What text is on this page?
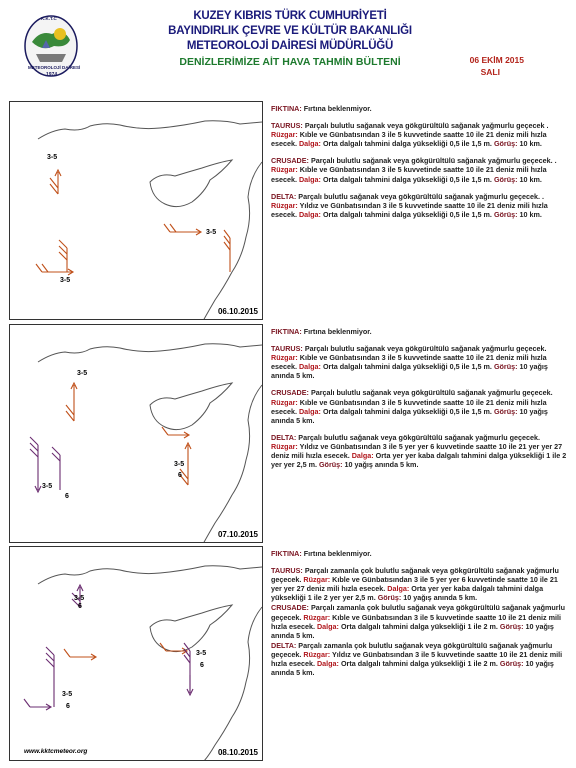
K.K.T.C
METEOROLOJİ DAİRESİ
1974
KUZEY KIBRIS TÜRK CUMHURİYETİ
BAYINDIRLIK ÇEVRE VE KÜLTÜR BAKANLIĞI
METEOROLOJİ DAİRESİ MÜDÜRLÜĞÜ
DENİZLERİMİZE AİT HAVA TAHMİN BÜLTENİ	06 EKİM 2015
SALI
3-5
3-5
3-5
06.10.2015

FIKTINA: Fırtına beklenmiyor.

TAURUS: Parçalı bulutlu sağanak veya gökgürültülü sağanak yağmurlu geçecek . Rüzgar: Kıble ve Günbatısından 3 ile 5 kuvvetinde saatte 10 ile 21 deniz mili hızla esecek. Dalga: Orta dalgalı tahmini dalga yüksekliği 0,5 ile 1,5 m. Görüş: 10 km.

CRUSADE: Parçalı bulutlu sağanak veya gökgürültülü sağanak yağmurlu geçecek. . Rüzgar: Kıble ve Günbatısından 3 ile 5 kuvvetinde saatte 10 ile 21 deniz mili hızla esecek. Dalga: Orta dalgalı tahmini dalga yüksekliği 0,5 ile 1,5 m. Görüş: 10 km.

DELTA: Parçalı bulutlu sağanak veya gökgürültülü sağanak yağmurlu geçecek. . Rüzgar: Yıldız ve Günbatısından 3 ile 5 kuvvetinde saatte 10 ile 21 deniz mili hızla esecek. Dalga: Orta dalgalı tahmini dalga yüksekliği 0,5 ile 1,5 m. Görüş: 10 km.

3-5
3-5
3-5
6
6
07.10.2015

FIKTINA: Fırtına beklenmiyor.

TAURUS: Parçalı bulutlu sağanak veya gökgürültülü sağanak yağmurlu geçecek. Rüzgar: Kıble ve Günbatısından 3 ile 5 kuvvetinde saatte 10 ile 21 deniz mili hızla esecek. Dalga: Orta dalgalı tahmini dalga yüksekliği 0,5 ile 1,5 m. Görüş: 10 yağış anında 5 km.

CRUSADE: Parçalı bulutlu sağanak veya gökgürültülü sağanak yağmurlu geçecek. Rüzgar: Kıble ve Günbatısından 3 ile 5 kuvvetinde saatte 10 ile 21 deniz mili hızla esecek. Dalga: Orta dalgalı tahmini dalga yüksekliği 0,5 ile 1,5 m. Görüş: 10 yağış anında 5 km.

DELTA: Parçalı bulutlu sağanak veya gökgürültülü sağanak yağmurlu geçecek. Rüzgar: Yıldız ve Günbatısından 3 ile 5 yer yer 6 kuvvetinde saatte 10 ile 21 yer yer 27 deniz mili hızla esecek. Dalga: Orta yer yer kaba dalgalı tahmini dalga yüksekliği 1 ile 2 yer yer 2,5 m. Görüş: 10 yağış anında 5 km.

3-5
6
3-5
6
3-5
6
www.kktcmeteor.org	08.10.2015

FIKTINA: Fırtına beklenmiyor.

TAURUS: Parçalı zamanla çok bulutlu sağanak veya gökgürültülü sağanak yağmurlu geçecek. Rüzgar: Kıble ve Günbatısından 3 ile 5 yer yer 6 kuvvetinde saatte 10 ile 21 yer yer 27 deniz mili hızla esecek. Dalga: Orta yer yer kaba dalgalı tahmini dalga yüksekliği 1 ile 2 yer yer 2,5 m. Görüş: 10 yağış anında 5 km.

CRUSADE: Parçalı zamanla çok bulutlu sağanak veya gökgürültülü sağanak yağmurlu geçecek. Rüzgar: Kıble ve Günbatısından 3 ile 5 kuvvetinde saatte 10 ile 21 deniz mili hızla esecek. Dalga: Orta dalgalı tahmini dalga yüksekliği 1 ile 2 m. Görüş: 10 yağış anında 5 km.

DELTA: Parçalı zamanla çok bulutlu sağanak veya gökgürültülü sağanak yağmurlu geçecek. Rüzgar: Yıldız ve Günbatısından 3 ile 5 kuvvetinde saatte 10 ile 21 deniz mili hızla esecek. Dalga: Orta dalgalı tahmini dalga yüksekliği 1 ile 2 m. Görüş: 10 yağış anında 5 km.
